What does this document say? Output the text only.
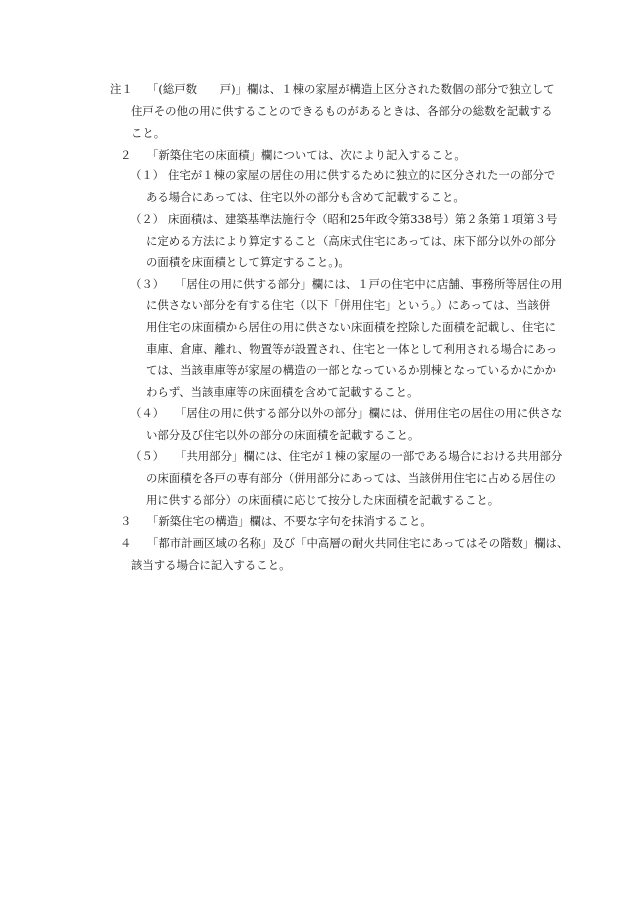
注１ 「(総戸数　　戸)」欄は、１棟の家屋が構造上区分された数個の部分で独立して
住戸その他の用に供することのできるものがあるときは、各部分の総数を記載する
こと。
２ 「新築住宅の床面積」欄については、次により記入すること。
（１） 住宅が１棟の家屋の居住の用に供するために独立的に区分された一の部分で
ある場合にあっては、住宅以外の部分も含めて記載すること。
（２） 床面積は、建築基準法施行令（昭和25年政令第338号）第２条第１項第３号
に定める方法により算定すること（高床式住宅にあっては、床下部分以外の部分
の面積を床面積として算定すること。)。
（３） 「居住の用に供する部分」欄には、１戸の住宅中に店舗、事務所等居住の用
に供さない部分を有する住宅（以下「併用住宅」という。）にあっては、当該併
用住宅の床面積から居住の用に供さない床面積を控除した面積を記載し、住宅に
車庫、倉庫、離れ、物置等が設置され、住宅と一体として利用される場合にあっ
ては、当該車庫等が家屋の構造の一部となっているか別棟となっているかにかか
わらず、当該車庫等の床面積を含めて記載すること。
（４） 「居住の用に供する部分以外の部分」欄には、併用住宅の居住の用に供さな
い部分及び住宅以外の部分の床面積を記載すること。
（５） 「共用部分」欄には、住宅が１棟の家屋の一部である場合における共用部分
の床面積を各戸の専有部分（併用部分にあっては、当該併用住宅に占める居住の
用に供する部分）の床面積に応じて按分した床面積を記載すること。
３ 「新築住宅の構造」欄は、不要な字句を抹消すること。
４ 「都市計画区域の名称」及び「中高層の耐火共同住宅にあってはその階数」欄は、
該当する場合に記入すること。
